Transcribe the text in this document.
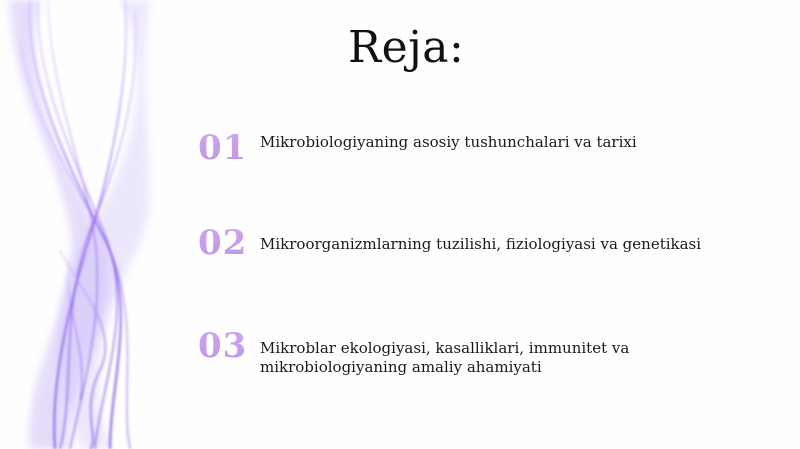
Reja:
01 Mikrobiologiyaning asosiy tushunchalari va tarixi
02 Mikroorganizmlarning tuzilishi, fiziologiyasi va genetikasi
03 Mikroblar ekologiyasi, kasalliklari, immunitet va mikrobiologiyaning amaliy ahamiyati
